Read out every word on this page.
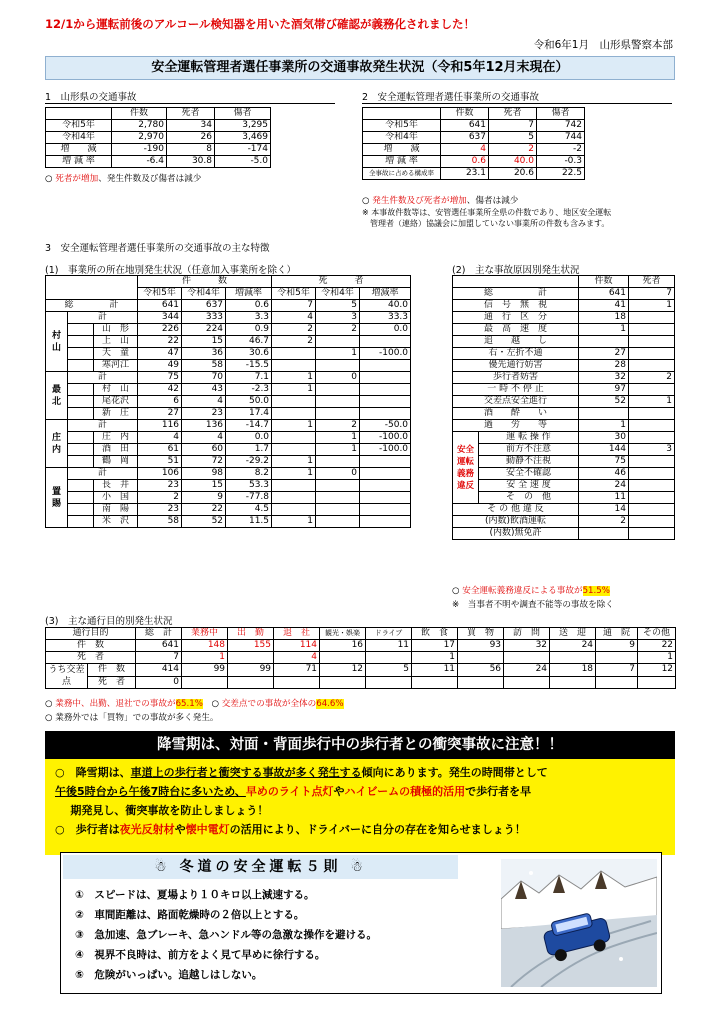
12/1から運転前後のアルコール検知器を用いた酒気帯び確認が義務化されました！
令和6年1月　山形県警察本部
安全運転管理者選任事業所の交通事故発生状況（令和5年12月末現在）
1　山形県の交通事故
	件数	死者	傷者
令和5年	2,780	34	3,295
令和4年	2,970	26	3,469
増　　減	-190	8	-174
増 減 率	-6.4	30.8	-5.0
○ 死者が増加、発生件数及び傷者は減少
2　安全運転管理者選任事業所の交通事故
	件数	死者	傷者
令和5年	641	7	742
令和4年	637	5	744
増　　減	4	2	-2
増 減 率	0.6	40.0	-0.3
全事故に占める構成率	23.1	20.6	22.5
○ 発生件数及び死者が増加、傷者は減少
※ 本事故件数等は、安管選任事業所全県の件数であり、地区安全運転
　管理者（連絡）協議会に加盟していない事業所の件数も含みます。
3　安全運転管理者選任事業所の交通事故の主な特徴
(1)　事業所の所在地別発生状況（任意加入事業所を除く）
			件　　　数			死　　　者		
			令和5年	令和4年	増減率	令和5年	令和4年	増減率
総　　　　計			641	637	0.6	7	5	40.0
村山	計		344	333	3.3	4	3	33.3
		山　形	226	224	0.9	2	2	0.0
		上　山	22	15	46.7	2		
		天　童	47	36	30.6		1	-100.0
		寒河江	49	58	-15.5			
最北	計		75	70	7.1	1	0	
		村　山	42	43	-2.3	1		
		尾花沢	6	4	50.0			
		新　庄	27	23	17.4			
庄内	計		116	136	-14.7	1	2	-50.0
		庄　内	4	4	0.0		1	-100.0
		酒　田	61	60	1.7		1	-100.0
		鶴　岡	51	72	-29.2	1		
置賜	計		106	98	8.2	1	0	
		長　井	23	15	53.3			
		小　国	2	9	-77.8			
		南　陽	23	22	4.5			
		米　沢	58	52	11.5	1		
(2)　主な事故原因別発生状況
		件数	死者
総　　　　　計		641	7
信　号　無　視		41	1
通　行　区　分		18	
最　高　速　度		1	
追　　越　　し			
右・左折不通		27	
優先通行妨害		28	
歩行者妨害		32	2
一 時 不 停 止		97	
交差点安全進行		52	1
酒　　酔　　い			
過　　労　　等		1	
安全運転義務違反	運 転 操 作	30	
	前方不注意	144	3
	動静不注視	75	
	安全不確認	46	
	安 全 速 度	24	
	そ　の　他	11	
そ の 他 違 反		14	
(内数)飲酒運転		2	
(内数)無免許			
○ 安全運転義務違反による事故が51.5%
※　当事者不明や調査不能等の事故を除く
(3)　主な通行目的別発生状況
通行目的		総　計	業務中	出　勤	退　社	観光・娯楽	ドライブ	飲　食	買　物	訪　問	送　迎	通　院	その他
件　数		641	148	155	114	16	11	17	93	32	24	9	22
死　者		7	1		4			1					1
うち交差点	件　数	414	99	99	71	12	5	11	56	24	18	7	12
	死　者	0											
○ 業務中、出勤、退社での事故が65.1%　○ 交差点での事故が全体の64.6%
○ 業務外では「買物」での事故が多く発生。
降雪期は、対面・背面歩行中の歩行者との衝突事故に注意！！

○　降雪期は、車道上の歩行者と衝突する事故が多く発生する傾向にあります。発生の時間帯として

午後5時台から午後7時台に多いため、早めのライト点灯やハイビームの積極的活用で歩行者を早

期発見し、衝突事故を防止しましょう！

○　歩行者は夜光反射材や懐中電灯の活用により、ドライバーに自分の存在を知らせましょう！

☃ 冬道の安全運転５則 ☃
①　スピードは、夏場より１０キロ以上減速する。
②　車間距離は、路面乾燥時の２倍以上とする。
③　急加速、急ブレーキ、急ハンドル等の急激な操作を避ける。
④　視界不良時は、前方をよく見て早めに徐行する。
⑤　危険がいっぱい。追越しはしない。
